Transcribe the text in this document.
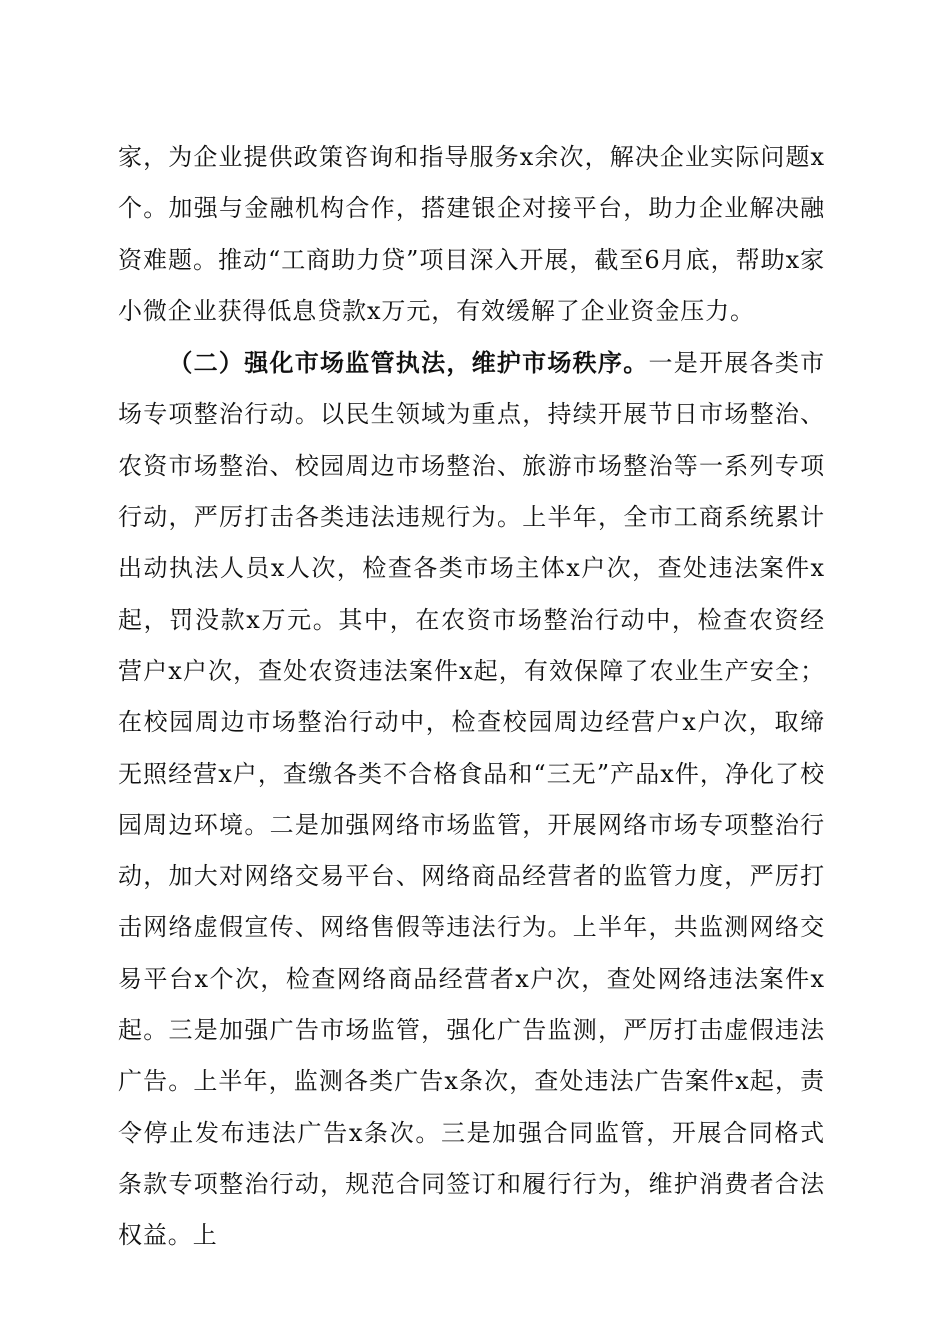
家，为企业提供政策咨询和指导服务x余次，解决企业实际问题x个。加强与金融机构合作，搭建银企对接平台，助力企业解决融资难题。推动“工商助力贷”项目深入开展，截至6月底，帮助x家小微企业获得低息贷款x万元，有效缓解了企业资金压力。

（二）强化市场监管执法，维护市场秩序。一是开展各类市场专项整治行动。以民生领域为重点，持续开展节日市场整治、农资市场整治、校园周边市场整治、旅游市场整治等一系列专项行动，严厉打击各类违法违规行为。上半年，全市工商系统累计出动执法人员x人次，检查各类市场主体x户次，查处违法案件x起，罚没款x万元。其中，在农资市场整治行动中，检查农资经营户x户次，查处农资违法案件x起，有效保障了农业生产安全；在校园周边市场整治行动中，检查校园周边经营户x户次，取缔无照经营x户，查缴各类不合格食品和“三无”产品x件，净化了校园周边环境。二是加强网络市场监管，开展网络市场专项整治行动，加大对网络交易平台、网络商品经营者的监管力度，严厉打击网络虚假宣传、网络售假等违法行为。上半年，共监测网络交易平台x个次，检查网络商品经营者x户次，查处网络违法案件x起。三是加强广告市场监管，强化广告监测，严厉打击虚假违法广告。上半年，监测各类广告x条次，查处违法广告案件x起，责令停止发布违法广告x条次。三是加强合同监管，开展合同格式条款专项整治行动，规范合同签订和履行行为，维护消费者合法权益。上
